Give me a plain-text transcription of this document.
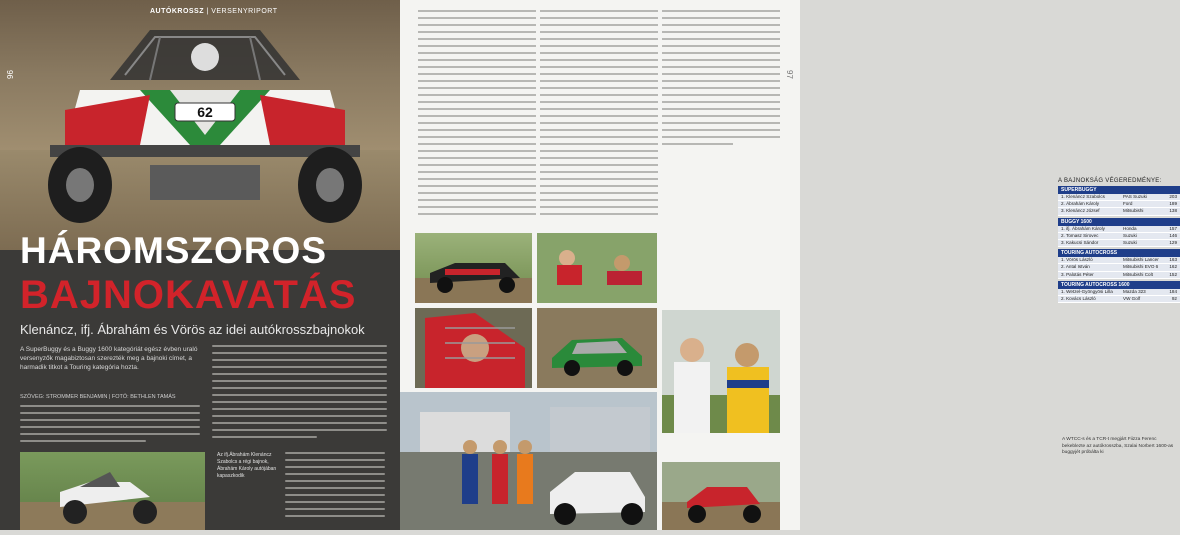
62
AUTÓKROSSZ | VERSENYRIPORT
96
HÁROMSZOROS
BAJNOKAVATÁS
Klenáncz, ifj. Ábrahám és Vörös az idei autókrosszbajnokok
A SuperBuggy és a Buggy 1600 kategóriát egész évben uraló versenyzők magabiztosan szerezték meg a bajnoki címet, a harmadik titkot a Touring kategória hozta.
SZÖVEG: STROMMER BENJAMIN | FOTÓ: BETHLEN TAMÁS
Az ifj.Ábrahám Klenáncz Szabolcs a régi bajnok, Ábrahám Károly autójában kapaszkodik
97
A BAJNOKSÁG VÉGEREDMÉNYE:
SUPERBUGGY
1. Klenáncz Szabolcs	PAS Suzuki	203
2. Ábrahám Károly	Ford	189
3. Klenáncz József	Mitsubishi	138
BUGGY 1600
1. ifj. Ábrahám Károly	Honda	157
2. Tomasz Sirovec	Suzuki	146
3. Kakucsi Sándor	Suzuki	129
TOURING AUTOCROSS
1. Vörös László	Mitsubishi Lancer	163
2. Antal István	Mitsubishi EVO 6	162
3. Palotás Péter	Mitsubishi Colt	152
TOURING AUTOCROSS 1600
1. Wetzel-Gyöngyösi Lilla	Mazda 323	184
2. Kovács László	VW Golf	92
A WTCC-s és a TCR-t megjárt Fiizza Ferenc bekeblezte az autókrosszba, Szalai Norbert 1600-as buggyjét próbálta ki
